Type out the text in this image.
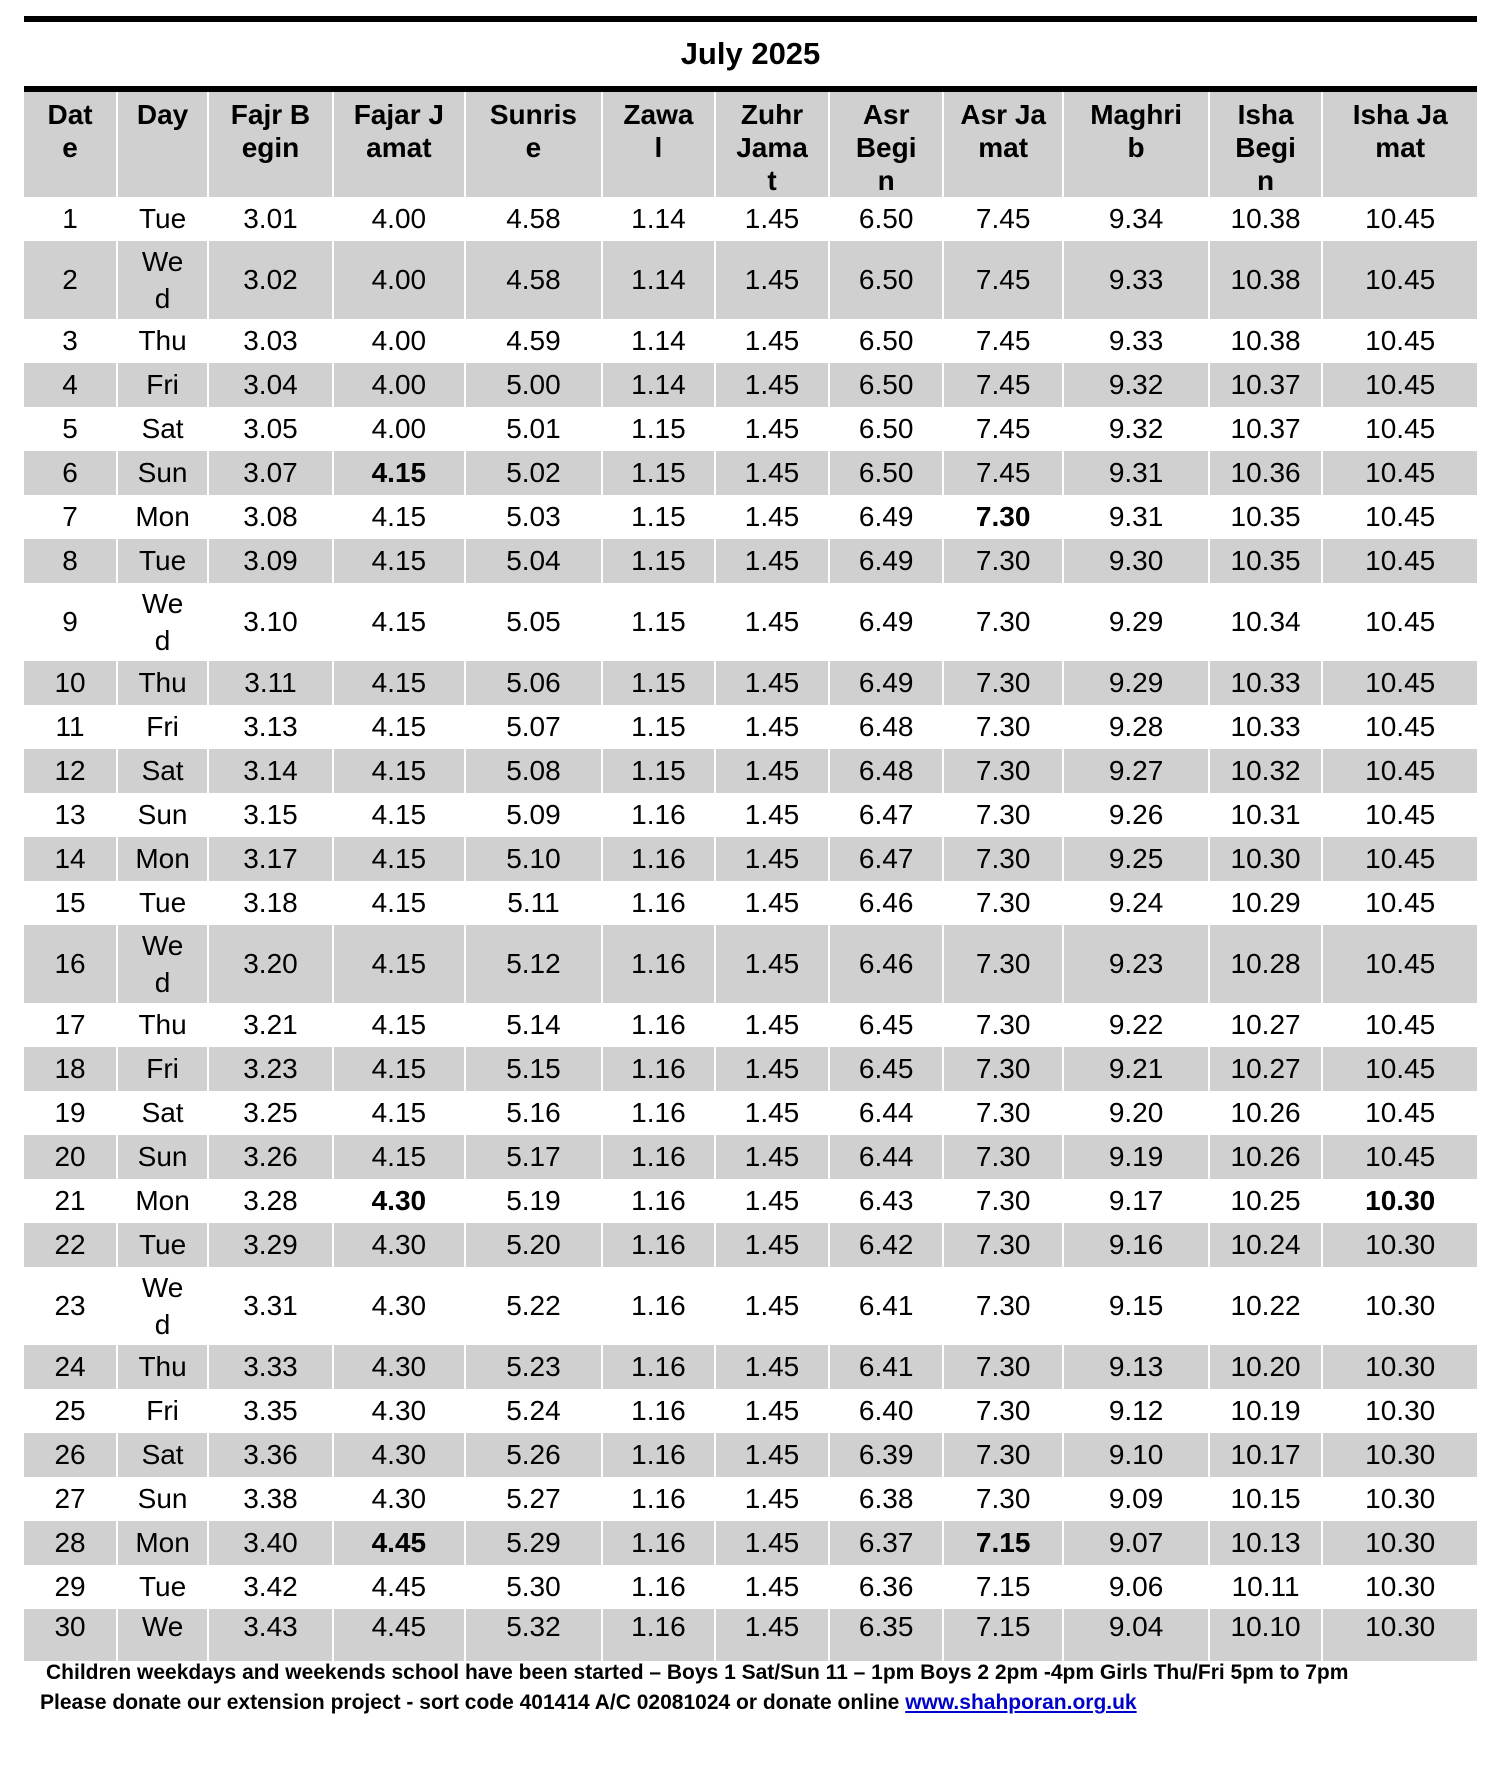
July 2025
Date	Day	Fajr Begin	Fajar Jamat	Sunrise	Zawal	Zuhr Jamat	Asr Begin	Asr Jamat	Maghrib	Isha Begin	Isha Jamat

1	Tue	3.01	4.00	4.58	1.14	1.45	6.50	7.45	9.34	10.38	10.45
2	Wed	3.02	4.00	4.58	1.14	1.45	6.50	7.45	9.33	10.38	10.45
3	Thu	3.03	4.00	4.59	1.14	1.45	6.50	7.45	9.33	10.38	10.45
4	Fri	3.04	4.00	5.00	1.14	1.45	6.50	7.45	9.32	10.37	10.45
5	Sat	3.05	4.00	5.01	1.15	1.45	6.50	7.45	9.32	10.37	10.45
6	Sun	3.07	4.15	5.02	1.15	1.45	6.50	7.45	9.31	10.36	10.45
7	Mon	3.08	4.15	5.03	1.15	1.45	6.49	7.30	9.31	10.35	10.45
8	Tue	3.09	4.15	5.04	1.15	1.45	6.49	7.30	9.30	10.35	10.45
9	Wed	3.10	4.15	5.05	1.15	1.45	6.49	7.30	9.29	10.34	10.45
10	Thu	3.11	4.15	5.06	1.15	1.45	6.49	7.30	9.29	10.33	10.45
11	Fri	3.13	4.15	5.07	1.15	1.45	6.48	7.30	9.28	10.33	10.45
12	Sat	3.14	4.15	5.08	1.15	1.45	6.48	7.30	9.27	10.32	10.45
13	Sun	3.15	4.15	5.09	1.16	1.45	6.47	7.30	9.26	10.31	10.45
14	Mon	3.17	4.15	5.10	1.16	1.45	6.47	7.30	9.25	10.30	10.45
15	Tue	3.18	4.15	5.11	1.16	1.45	6.46	7.30	9.24	10.29	10.45
16	Wed	3.20	4.15	5.12	1.16	1.45	6.46	7.30	9.23	10.28	10.45
17	Thu	3.21	4.15	5.14	1.16	1.45	6.45	7.30	9.22	10.27	10.45
18	Fri	3.23	4.15	5.15	1.16	1.45	6.45	7.30	9.21	10.27	10.45
19	Sat	3.25	4.15	5.16	1.16	1.45	6.44	7.30	9.20	10.26	10.45
20	Sun	3.26	4.15	5.17	1.16	1.45	6.44	7.30	9.19	10.26	10.45
21	Mon	3.28	4.30	5.19	1.16	1.45	6.43	7.30	9.17	10.25	10.30
22	Tue	3.29	4.30	5.20	1.16	1.45	6.42	7.30	9.16	10.24	10.30
23	Wed	3.31	4.30	5.22	1.16	1.45	6.41	7.30	9.15	10.22	10.30
24	Thu	3.33	4.30	5.23	1.16	1.45	6.41	7.30	9.13	10.20	10.30
25	Fri	3.35	4.30	5.24	1.16	1.45	6.40	7.30	9.12	10.19	10.30
26	Sat	3.36	4.30	5.26	1.16	1.45	6.39	7.30	9.10	10.17	10.30
27	Sun	3.38	4.30	5.27	1.16	1.45	6.38	7.30	9.09	10.15	10.30
28	Mon	3.40	4.45	5.29	1.16	1.45	6.37	7.15	9.07	10.13	10.30
29	Tue	3.42	4.45	5.30	1.16	1.45	6.36	7.15	9.06	10.11	10.30
30	We	3.43	4.45	5.32	1.16	1.45	6.35	7.15	9.04	10.10	10.30

Children weekdays and weekends school have been started – Boys 1 Sat/Sun 11 – 1pm Boys 2 2pm -4pm Girls Thu/Fri 5pm to 7pm

Please donate our extension project - sort code 401414 A/C 02081024 or donate online www.shahporan.org.uk
